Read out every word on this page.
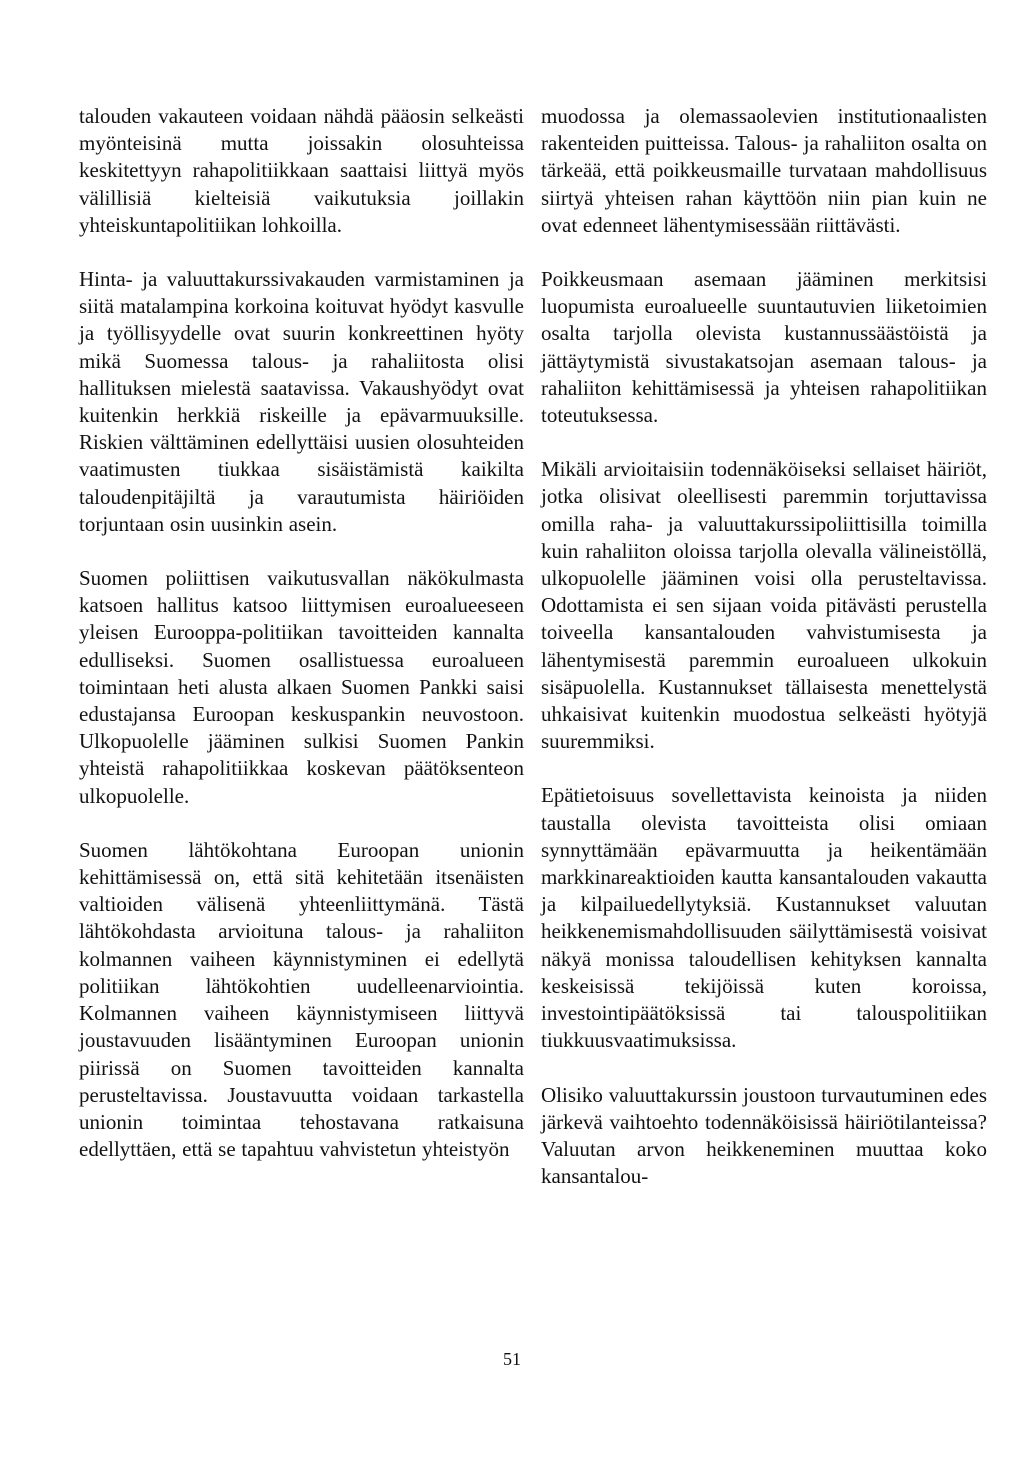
talouden vakauteen voidaan nähdä pääosin selkeästi myönteisinä mutta joissakin olosuhteissa keskitettyyn rahapolitiikkaan saattaisi liittyä myös välillisiä kielteisiä vaikutuksia joillakin yhteiskuntapolitiikan lohkoilla.

Hinta- ja valuuttakurssivakauden varmistaminen ja siitä matalampina korkoina koituvat hyödyt kasvulle ja työllisyydelle ovat suurin konkreettinen hyöty mikä Suomessa talous- ja rahaliitosta olisi hallituksen mielestä saatavissa. Vakaushyödyt ovat kuitenkin herkkiä riskeille ja epävarmuuksille. Riskien välttäminen edellyttäisi uusien olosuhteiden vaatimusten tiukkaa sisäistämistä kaikilta taloudenpitäjiltä ja varautumista häiriöiden torjuntaan osin uusinkin asein.

Suomen poliittisen vaikutusvallan näkökulmasta katsoen hallitus katsoo liittymisen euroalueeseen yleisen Eurooppa-politiikan tavoitteiden kannalta edulliseksi. Suomen osallistuessa euroalueen toimintaan heti alusta alkaen Suomen Pankki saisi edustajansa Euroopan keskuspankin neuvostoon. Ulkopuolelle jääminen sulkisi Suomen Pankin yhteistä rahapolitiikkaa koskevan päätöksenteon ulkopuolelle.

Suomen lähtökohtana Euroopan unionin kehittämisessä on, että sitä kehitetään itsenäisten valtioiden välisenä yhteenliittymänä. Tästä lähtökohdasta arvioituna talous- ja rahaliiton kolmannen vaiheen käynnistyminen ei edellytä politiikan lähtökohtien uudelleenarviointia. Kolmannen vaiheen käynnistymiseen liittyvä joustavuuden lisääntyminen Euroopan unionin piirissä on Suomen tavoitteiden kannalta perusteltavissa. Joustavuutta voidaan tarkastella unionin toimintaa tehostavana ratkaisuna edellyttäen, että se tapahtuu vahvistetun yhteistyön

muodossa ja olemassaolevien institutionaalisten rakenteiden puitteissa. Talous- ja rahaliiton osalta on tärkeää, että poikkeusmaille turvataan mahdollisuus siirtyä yhteisen rahan käyttöön niin pian kuin ne ovat edenneet lähentymisessään riittävästi.

Poikkeusmaan asemaan jääminen merkitsisi luopumista euroalueelle suuntautuvien liiketoimien osalta tarjolla olevista kustannussäästöistä ja jättäytymistä sivustakatsojan asemaan talous- ja rahaliiton kehittämisessä ja yhteisen rahapolitiikan toteutuksessa.

Mikäli arvioitaisiin todennäköiseksi sellaiset häiriöt, jotka olisivat oleellisesti paremmin torjuttavissa omilla raha- ja valuuttakurssipoliittisilla toimilla kuin rahaliiton oloissa tarjolla olevalla välineistöllä, ulkopuolelle jääminen voisi olla perusteltavissa. Odottamista ei sen sijaan voida pitävästi perustella toiveella kansantalouden vahvistumisesta ja lähentymisestä paremmin euroalueen ulkokuin sisäpuolella. Kustannukset tällaisesta menettelystä uhkaisivat kuitenkin muodostua selkeästi hyötyjä suuremmiksi.

Epätietoisuus sovellettavista keinoista ja niiden taustalla olevista tavoitteista olisi omiaan synnyttämään epävarmuutta ja heikentämään markkinareaktioiden kautta kansantalouden vakautta ja kilpailuedellytyksiä. Kustannukset valuutan heikkenemismahdollisuuden säilyttämisestä voisivat näkyä monissa taloudellisen kehityksen kannalta keskeisissä tekijöissä kuten koroissa, investointipäätöksissä tai talouspolitiikan tiukkuusvaatimuksissa.

Olisiko valuuttakurssin joustoon turvautuminen edes järkevä vaihtoehto todennäköisissä häiriötilanteissa? Valuutan arvon heikkeneminen muuttaa koko kansantalou-

51
